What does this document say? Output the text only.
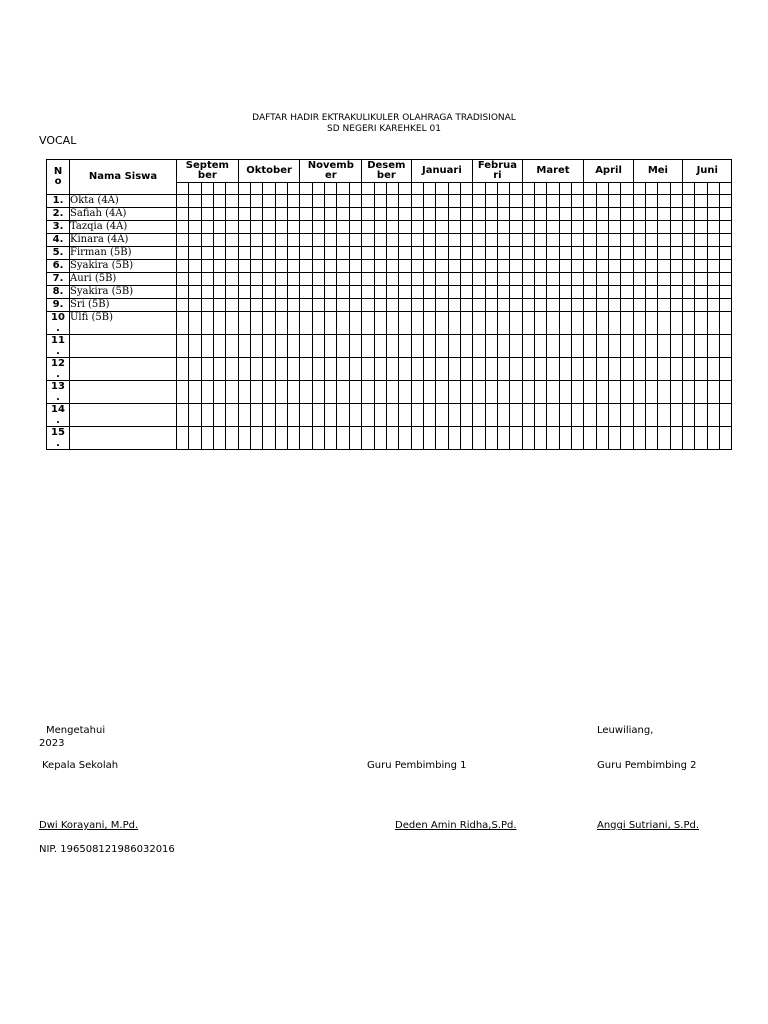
DAFTAR HADIR EKTRAKULIKULER OLAHRAGA TRADISIONAL
SD NEGERI KAREHKEL 01
VOCAL
N o	Nama Siswa	Septem ber					Oktober					Novemb er					Desem ber				Januari					Februa ri				Maret					April				Mei				Juni			

1.	Okta (4A)																																													
2.	Safiah (4A)																																													
3.	Tazqia (4A)																																													
4.	Kinara (4A)																																													
5.	Firman (5B)																																													
6.	Syakira (5B)																																													
7.	Auri (5B)																																													
8.	Syakira (5B)																																													
9.	Sri (5B)																																													
10 .	Ulfi (5B)																																													
11 .																																														
12 .																																														
13 .																																														
14 .																																														
15 .																																														
Mengetahui
2023
Leuwiliang,
Kepala Sekolah	Guru Pembimbing 1	Guru Pembimbing 2
Dwi Korayani, M.Pd.	Deden Amin Ridha,S.Pd.	Anggi Sutriani, S.Pd.
NIP. 196508121986032016
